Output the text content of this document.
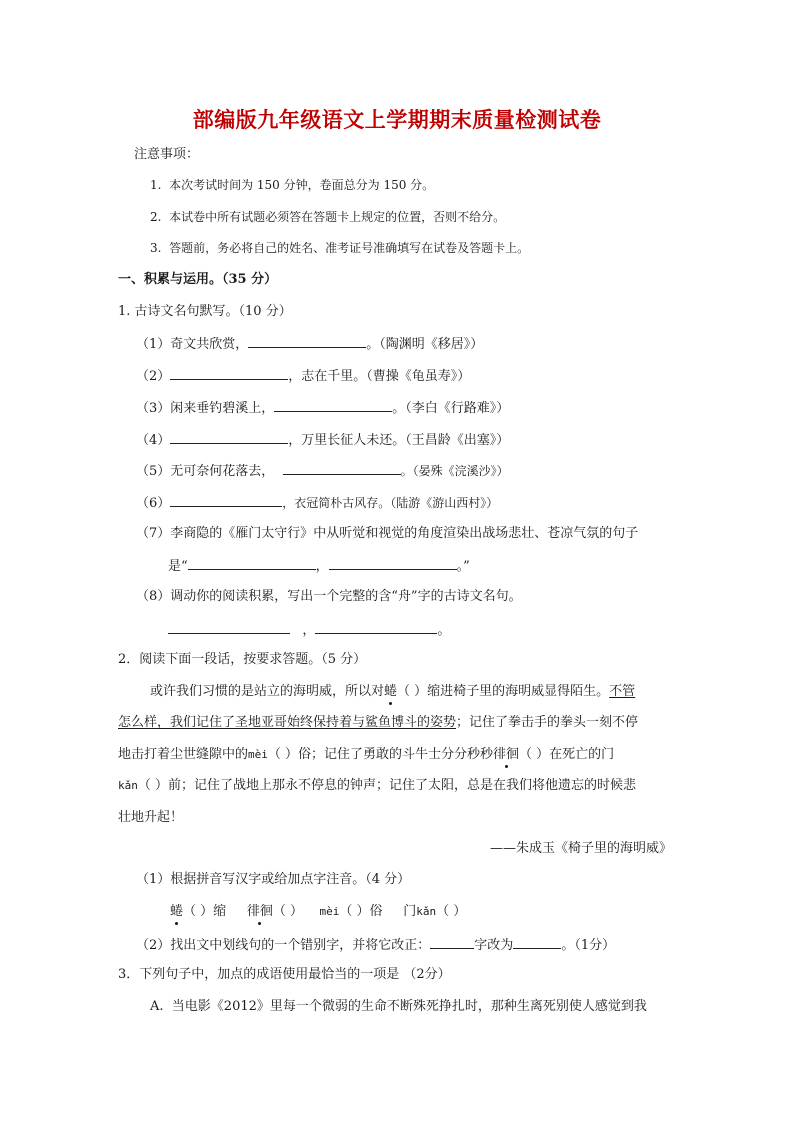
部编版九年级语文上学期期末质量检测试卷
注意事项：
1. 本次考试时间为 150 分钟，卷面总分为 150 分。
2. 本试卷中所有试题必须答在答题卡上规定的位置，否则不给分。
3. 答题前，务必将自己的姓名、准考证号准确填写在试卷及答题卡上。
一、积累与运用。（35 分）
1. 古诗文名句默写。（10 分）
（1）奇文共欣赏，	。（陶渊明《移居》）
（2）	，志在千里。（曹操《龟虽寿》）
（3）闲来垂钓碧溪上，	。（李白《行路难》）
（4）	，万里长征人未还。（王昌龄《出塞》）
（5）无可奈何花落去，	。（晏殊《浣溪沙》）
（6）	，衣冠简朴古风存。（陆游《游山西村》）
（7）李商隐的《雁门太守行》中从听觉和视觉的角度渲染出战场悲壮、苍凉气氛的句子
是“	，	。”
（8）调动你的阅读积累，写出一个完整的含“舟”字的古诗文名句。
，	。
2．阅读下面一段话，按要求答题。（5 分）
或许我们习惯的是站立的海明威，所以对蜷（ ）缩进椅子里的海明威显得陌生。不管
怎么样，我们记住了圣地亚哥始终保持着与鲨鱼博斗的姿势；记住了拳击手的拳头一刻不停
地击打着尘世缝隙中的mèi（ ）俗；记住了勇敢的斗牛士分分秒秒徘徊（ ）在死亡的门
kǎn（ ）前；记住了战地上那永不停息的钟声；记住了太阳，总是在我们将他遗忘的时候悲
壮地升起！
——朱成玉《椅子里的海明威》
（1）根据拼音写汉字或给加点字注音。（4 分）
蜷（ ）缩 徘徊（ ） mèi（ ）俗 门kǎn（ ）
（2）找出文中划线句的一个错别字，并将它改正：	字改为	。（1分）
3．下列句子中，加点的成语使用最恰当的一项是 （2分）
A. 当电影《2012》里每一个微弱的生命不断殊死挣扎时，那种生离死别使人感觉到我
